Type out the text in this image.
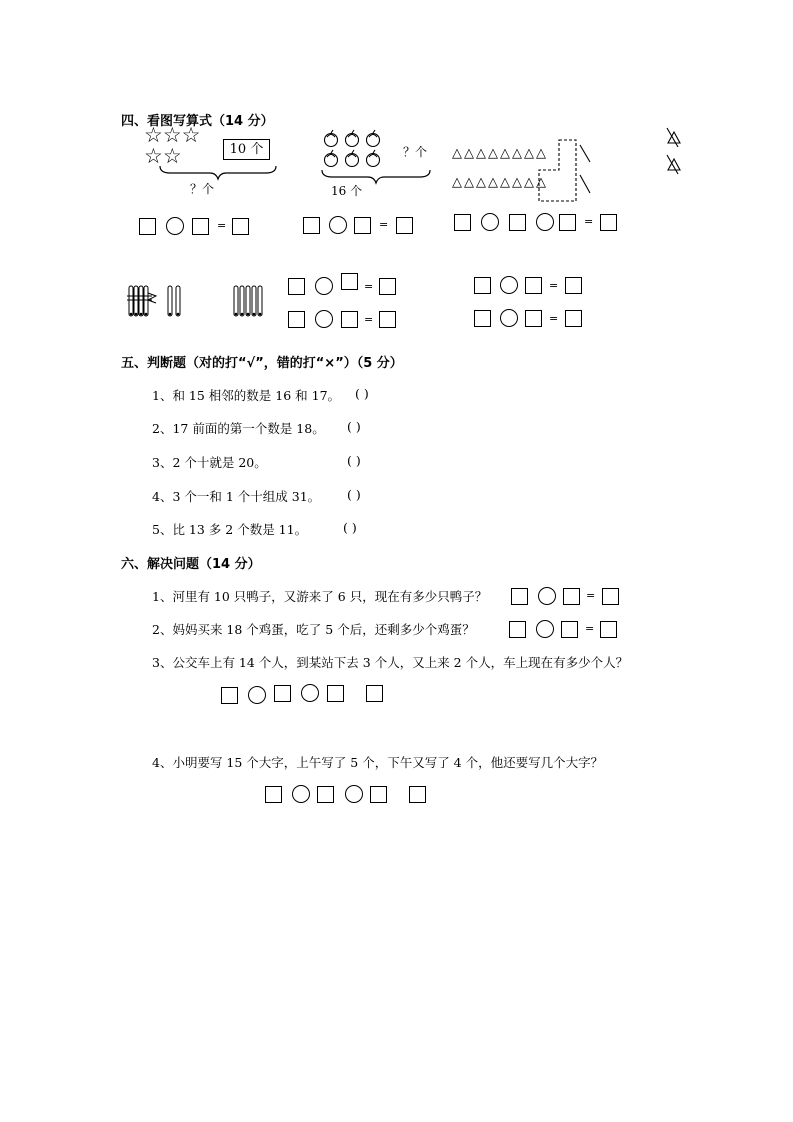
四、看图写算式（14 分）
☆☆☆
☆☆	10 个
？个
？个
16 个
△△△△△△△△
△△△△△△△△
=	=	=
=
=
=
=
五、判断题（对的打“√”，错的打“×”）（5 分）
1、和 15 相邻的数是 16 和 17。 ( )
2、17 前面的第一个数是 18。 ( )
3、2 个十就是 20。	( )
4、3 个一和 1 个十组成 31。 ( )
5、比 13 多 2 个数是 11。	( )
六、解决问题（14 分）
1、河里有 10 只鸭子，又游来了 6 只，现在有多少只鸭子？	=
2、妈妈买来 18 个鸡蛋，吃了 5 个后，还剩多少个鸡蛋？	=
3、公交车上有 14 个人，到某站下去 3 个人，又上来 2 个人，车上现在有多少个人？
4、小明要写 15 个大字，上午写了 5 个，下午又写了 4 个，他还要写几个大字？
